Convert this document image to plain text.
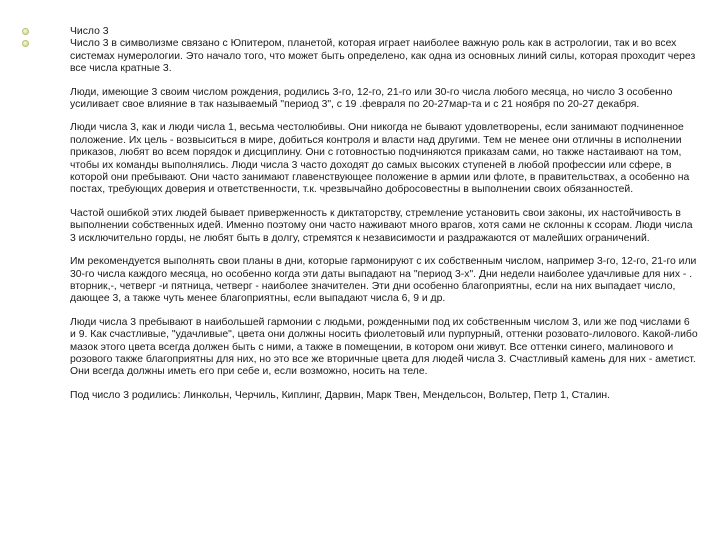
Число 3

Число 3 в символизме связано с Юпитером, планетой, которая играет наиболее важную роль как в астрологии, так и во всех системах нумерологии. Это начало того, что может быть определено, как одна из основных линий силы, которая проходит через все числа кратные 3.

Люди, имеющие 3 своим числом рождения, родились 3-го, 12-го, 21-го или 30-го числа любого месяца, но число 3 особенно усиливает свое влияние в так называемый "период 3", с 19 .февраля по 20-27мар-та и с 21 ноября по 20-27 декабря.

Люди числа 3, как и люди числа 1, весьма честолюбивы. Они никогда не бывают удовлетворены, если занимают подчиненное положение. Их цель - возвыситься в мире, добиться контроля и власти над другими. Тем не менее они отличны в исполнении приказов, любят во всем порядок и дисциплину. Они с готовностью подчиняются приказам сами, но также настаивают на том, чтобы их команды выполнялись. Люди числа 3 часто доходят до самых высоких ступеней в любой профессии или сфере, в которой они пребывают. Они часто занимают главенствующее положение в армии или флоте, в правительствах, а особенно на постах, требующих доверия и ответственности, т.к. чрезвычайно добросовестны в выполнении своих обязанностей.

Частой ошибкой этих людей бывает приверженность к диктаторству, стремление установить свои законы, их настойчивость в выполнении собственных идей. Именно поэтому они часто наживают много врагов, хотя сами не склонны к ссорам. Люди числа 3 исключительно горды, не любят быть в долгу, стремятся к независимости и раздражаются от малейших ограничений.

Им рекомендуется выполнять свои планы в дни, которые гармонируют с их собственным числом, например 3-го, 12-го, 21-го или 30-го числа каждого месяца, но особенно когда эти даты выпадают на "период 3-х". Дни недели наиболее удачливые для них - . вторник,-, четверг -и пятница, четверг - наиболее значителен. Эти дни особенно благоприятны, если на них выпадает число, дающее 3, а также чуть менее благоприятны, если выпадают числа 6, 9 и др.

Люди числа 3 пребывают в наибольшей гармонии с людьми, рожденными под их собственным числом 3, или же под числами 6 и 9. Как счастливые, "удачливые", цвета они должны носить фиолетовый или пурпурный, оттенки розовато-лилового. Какой-либо мазок этого цвета всегда должен быть с ними, а также в помещении, в котором они живут. Все оттенки синего, малинового и розового также благоприятны для них, но это все же вторичные цвета для людей числа 3. Счастливый камень для них - аметист. Они всегда должны иметь его при себе и, если возможно, носить на теле.

Под число 3 родились: Линкольн, Черчиль, Киплинг, Дарвин, Марк Твен, Мендельсон, Вольтер, Петр 1, Сталин.
